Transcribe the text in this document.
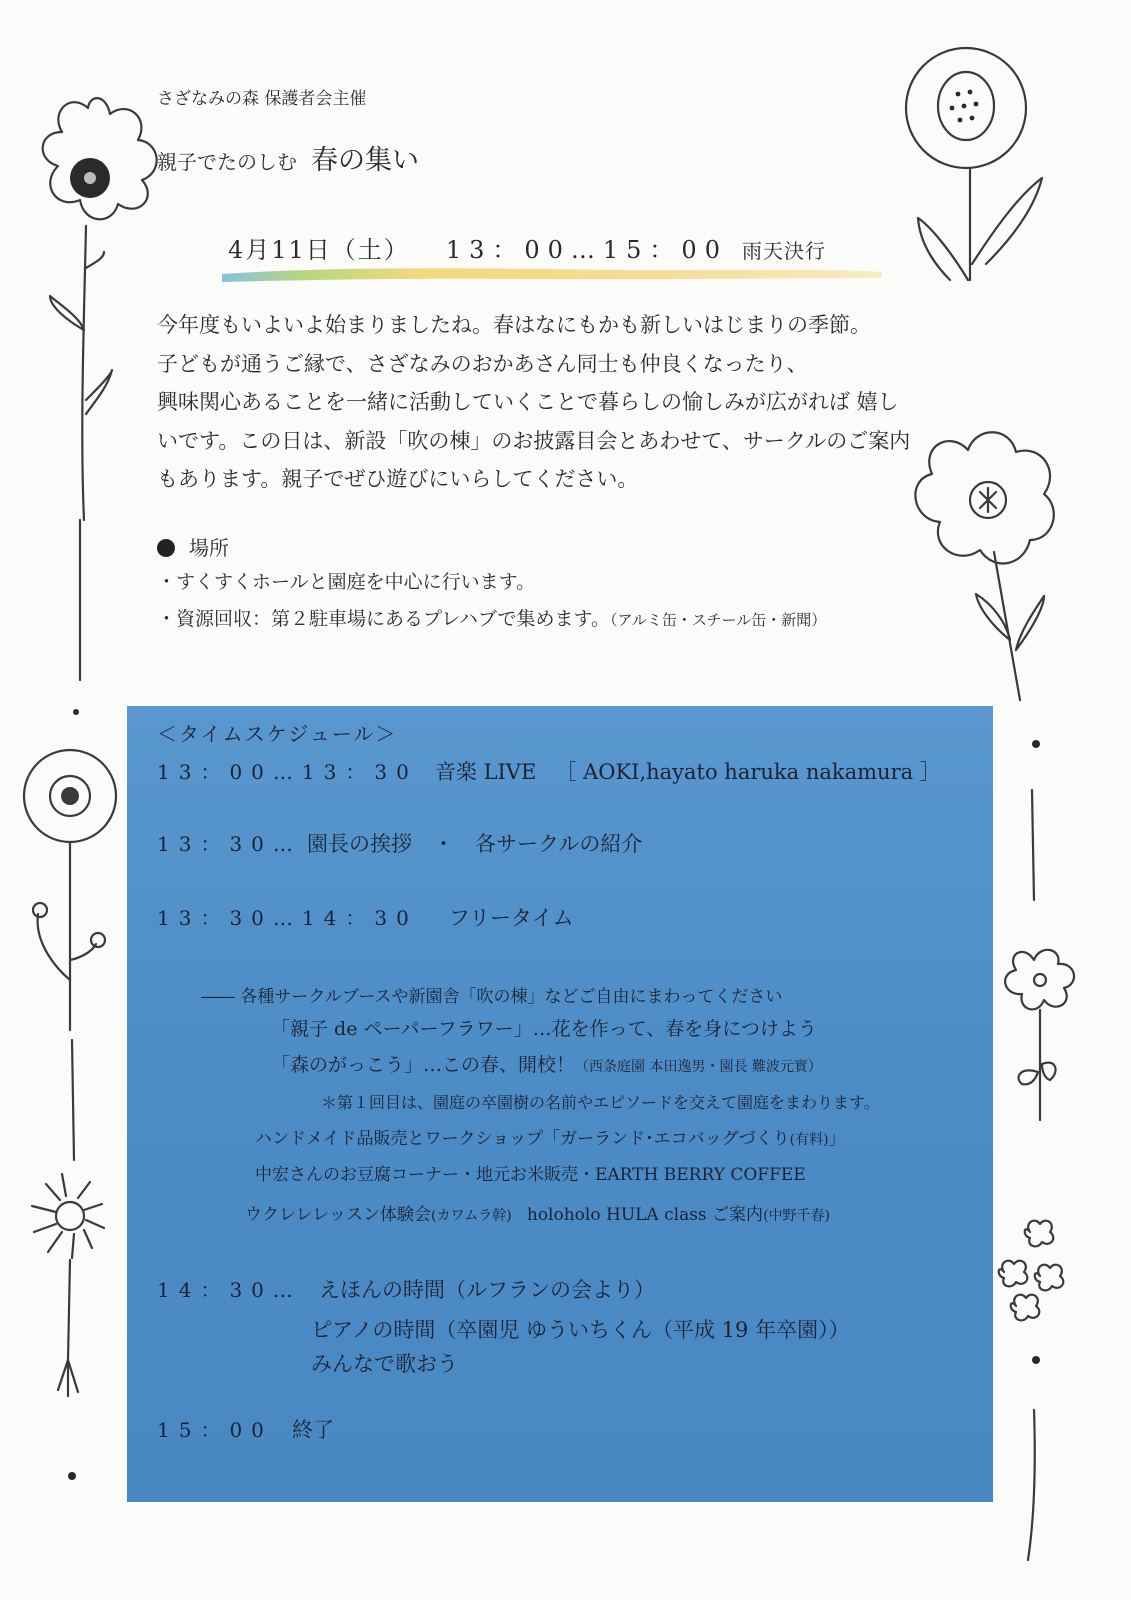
さざなみの森 保護者会主催
親子でたのしむ 春の集い
4月11日（土） 13：00…15：00 雨天決行

今年度もいよいよ始まりましたね。春はなにもかも新しいはじまりの季節。

子どもが通うご縁で、さざなみのおかあさん同士も仲良くなったり、

興味関心あることを一緒に活動していくことで暮らしの愉しみが広がれば 嬉し

いです。この日は、新設「吹の棟」のお披露目会とあわせて、サークルのご案内

もあります。親子でぜひ遊びにいらしてください。

場所
・すくすくホールと園庭を中心に行います。
・資源回収：第２駐車場にあるプレハブで集めます。（アルミ缶・スチール缶・新聞）
＜タイムスケジュール＞
13：00…13：30 音楽 LIVE ［ AOKI,hayato haruka nakamura ］
13：30… 園長の挨拶　・　各サークルの紹介
13：30…14：30 フリータイム
―― 各種サークルブースや新園舎「吹の棟」などご自由にまわってください
「親子 de ペーパーフラワー」…花を作って、春を身につけよう
「森のがっこう」…この春、開校！（西条庭園 本田逸男・園長 難波元實）
＊第１回目は、園庭の卒園樹の名前やエピソードを交えて園庭をまわります。
ハンドメイド品販売とワークショップ「ガーランド･エコバッグづくり(有料)」
中宏さんのお豆腐コーナー・地元お米販売・EARTH BERRY COFFEE
ウクレレレッスン体験会(カワムラ幹) holoholo HULA class ご案内(中野千春)
14：30… えほんの時間（ルフランの会より）
ピアノの時間（卒園児 ゆういちくん（平成 19 年卒園））
みんなで歌おう
15：00 終了
